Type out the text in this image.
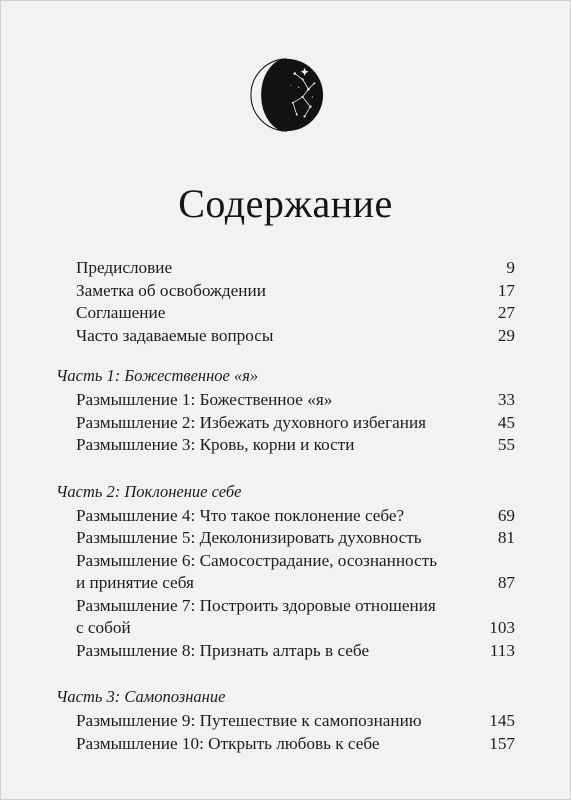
Содержание
Предисловие	9
Заметка об освобождении	17
Соглашение	27
Часто задаваемые вопросы	29
Часть 1: Божественное «я»
Размышление 1: Божественное «я»	33
Размышление 2: Избежать духовного избегания	45
Размышление 3: Кровь, корни и кости	55
Часть 2: Поклонение себе
Размышление 4: Что такое поклонение себе?	69
Размышление 5: Деколонизировать духовность	81
Размышление 6: Самосострадание, осознанность
и принятие себя	87
Размышление 7: Построить здоровые отношения
с собой	103
Размышление 8: Признать алтарь в себе	113
Часть 3: Самопознание
Размышление 9: Путешествие к самопознанию	145
Размышление 10: Открыть любовь к себе	157
